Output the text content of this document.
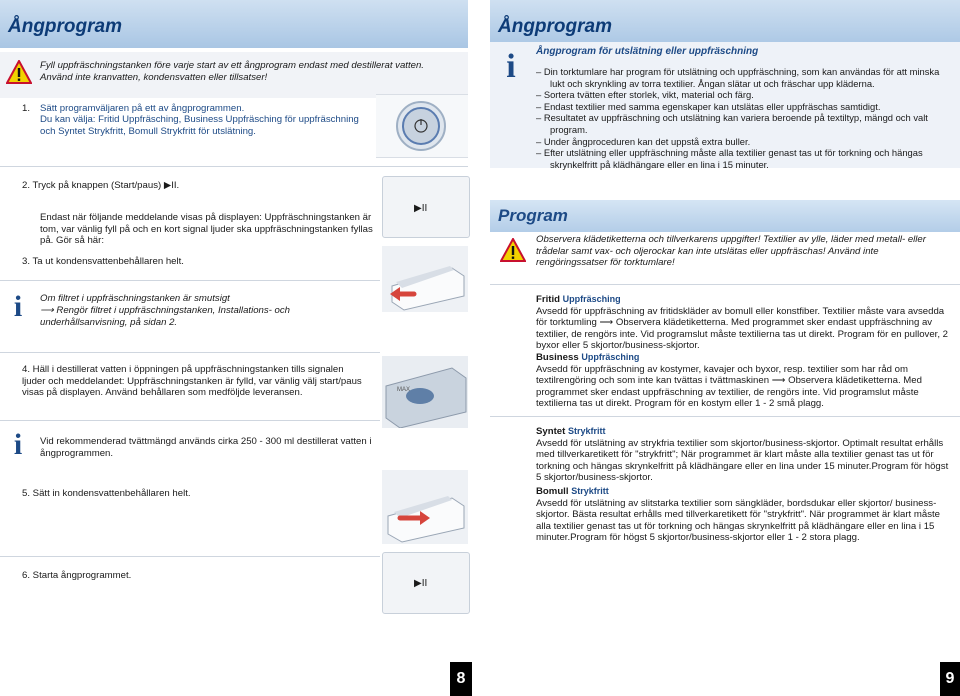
Ångprogram
Fyll uppfräschningstanken före varje start av ett ångprogram endast med destillerat vatten. Använd inte kranvatten, kondensvatten eller tillsatser!
1. Sätt programväljaren på ett av ångprogrammen.
Du kan välja: Fritid Uppfräsching, Business Uppfräsching för uppfräschning och Syntet Strykfritt, Bomull Strykfritt för utslätning.
2. Tryck på knappen (Start/paus) ▶II.
▶II
Endast när följande meddelande visas på displayen: Uppfräschningstanken är tom, var vänlig fyll på och en kort signal ljuder ska uppfräschningstanken fyllas på. Gör så här:
3. Ta ut kondensvattenbehållaren helt.
i	Om filtret i uppfräschningstanken är smutsigt
⟶ Rengör filtret i uppfräschningstanken, Installations- och underhållsanvisning, på sidan 2.
4. Häll i destillerat vatten i öppningen på uppfräschningstanken tills signalen ljuder och meddelandet: Uppfräschningstanken är fylld, var vänlig välj start/paus visas på displayen. Använd behållaren som medföljde leveransen.	MAX
i	Vid rekommenderad tvättmängd används cirka 250 - 300 ml destillerat vatten i ångprogrammen.
5. Sätt in kondensvattenbehållaren helt.
6. Starta ångprogrammet.
▶II
8
Ångprogram
i	Ångprogram för utslätning eller uppfräschning
– Din torktumlare har program för utslätning och uppfräschning, som kan användas för att minska lukt och skrynkling av torra textilier. Ångan slätar ut och fräschar upp kläderna.
– Sortera tvätten efter storlek, vikt, material och färg.
– Endast textilier med samma egenskaper kan utslätas eller uppfräschas samtidigt.
– Resultatet av uppfräschning och utslätning kan variera beroende på textiltyp, mängd och valt program.
– Under ångproceduren kan det uppstå extra buller.
– Efter utslätning eller uppfräschning måste alla textilier genast tas ut för torkning och hängas skrynkelfritt på klädhängare eller en lina i 15 minuter.
Program
Observera klädetiketterna och tillverkarens uppgifter! Textilier av ylle, läder med metall- eller trådelar samt vax- och oljerockar kan inte utslätas eller uppfräschas! Använd inte rengöringssatser för torktumlare!
Fritid Uppfräsching
Avsedd för uppfräschning av fritidskläder av bomull eller konstfiber. Textilier måste vara avsedda för torktumling ⟶ Observera klädetiketterna. Med programmet sker endast uppfräschning av textilier, de rengörs inte. Vid programslut måste textilierna tas ut direkt. Program för en pullover, 2 byxor eller 5 skjortor/business-skjortor.
Business Uppfräsching
Avsedd för uppfräschning av kostymer, kavajer och byxor, resp. textilier som har råd om textilrengöring och som inte kan tvättas i tvättmaskinen ⟶ Observera klädetiketterna. Med programmet sker endast uppfräschning av textilier, de rengörs inte. Vid programslut måste textilierna tas ut direkt. Program för en kostym eller 1 - 2 små plagg.
Syntet Strykfritt
Avsedd för utslätning av strykfria textilier som skjortor/business-skjortor. Optimalt resultat erhålls med tillverkaretikett för "strykfritt"; När programmet är klart måste alla textilier genast tas ut för torkning och hängas skrynkelfritt på klädhängare eller en lina under 15 minuter.Program för högst 5 skjortor/business-skjortor.
Bomull Strykfritt
Avsedd för utslätning av slitstarka textilier som sängkläder, bordsdukar eller skjortor/ business-skjortor. Bästa resultat erhålls med tillverkaretikett för "strykfritt". När programmet är klart måste alla textilier genast tas ut för torkning och hängas skrynkelfritt på klädhängare eller en lina i 15 minuter.Program för högst 5 skjortor/business-skjortor eller 1 - 2 stora plagg.
9
